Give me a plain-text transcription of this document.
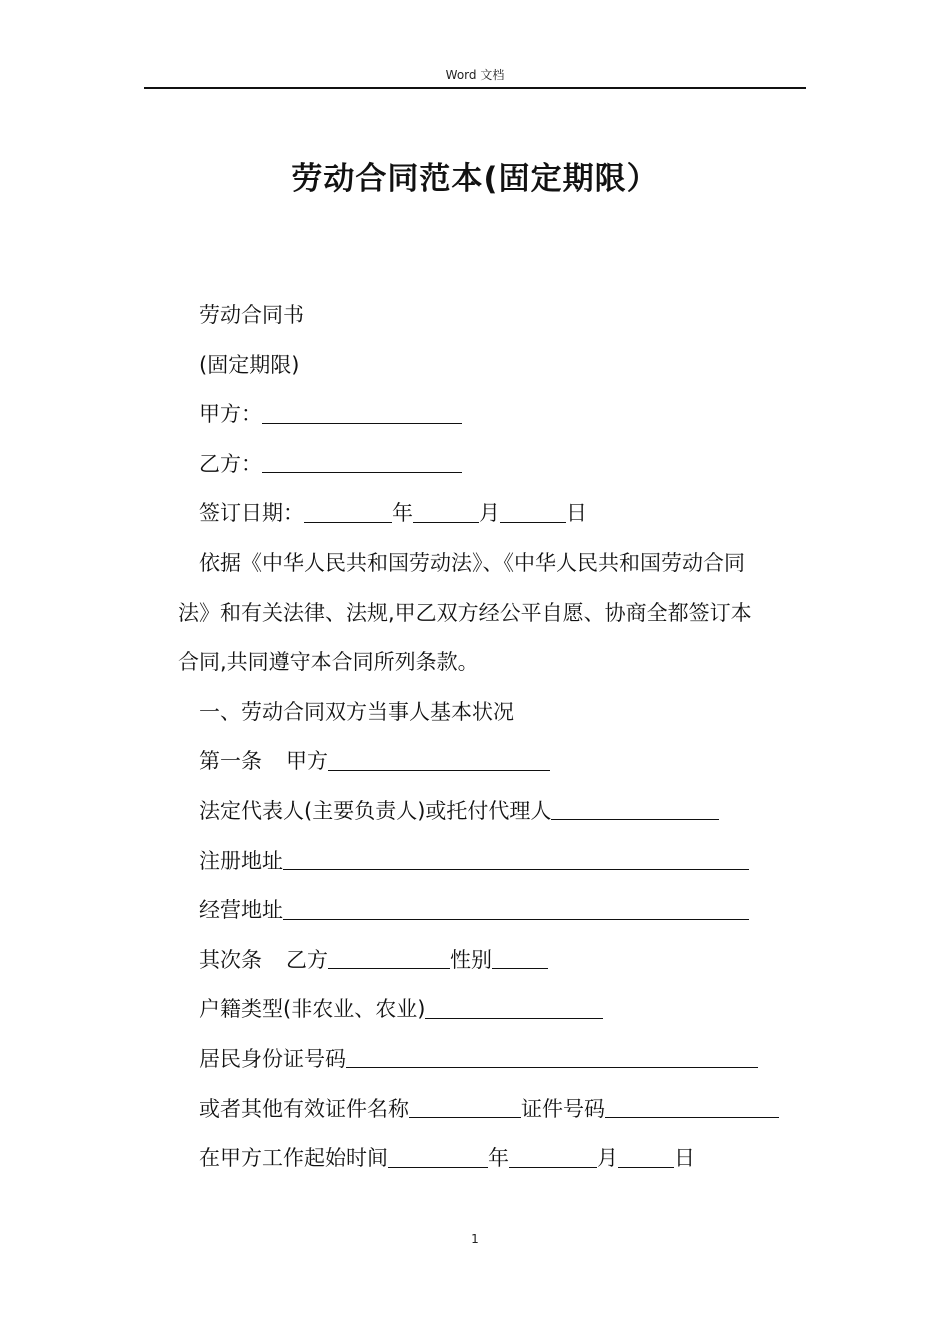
Word 文档
劳动合同范本(固定期限）

劳动合同书

(固定期限)

甲方：

乙方：

签订日期：	年	月	日

依据《中华人民共和国劳动法》、《中华人民共和国劳动合同
法》和有关法律、法规,甲乙双方经公平自愿、协商全都签订本
合同,共同遵守本合同所列条款。

一、劳动合同双方当事人基本状况

第一条 甲方

法定代表人(主要负责人)或托付代理人

注册地址

经营地址

其次条 乙方	性别

户籍类型(非农业、农业)

居民身份证号码

或者其他有效证件名称	证件号码

在甲方工作起始时间	年	月	日

1
